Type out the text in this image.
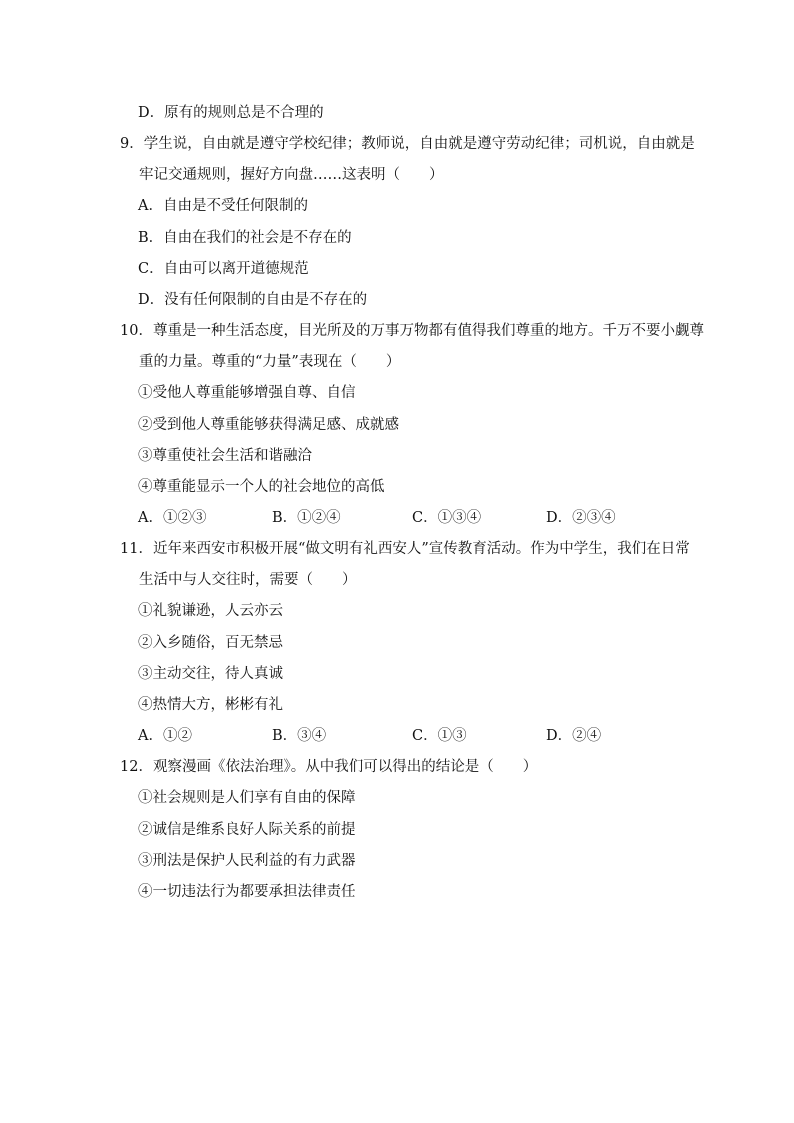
D．原有的规则总是不合理的
9．学生说，自由就是遵守学校纪律；教师说，自由就是遵守劳动纪律；司机说，自由就是
牢记交通规则，握好方向盘……这表明（　　）
A．自由是不受任何限制的
B．自由在我们的社会是不存在的
C．自由可以离开道德规范
D．没有任何限制的自由是不存在的
10．尊重是一种生活态度，目光所及的万事万物都有值得我们尊重的地方。千万不要小觑尊
重的力量。尊重的“力量”表现在（　　）
①受他人尊重能够增强自尊、自信
②受到他人尊重能够获得满足感、成就感
③尊重使社会生活和谐融洽
④尊重能显示一个人的社会地位的高低
A．①②③	B．①②④	C．①③④	D．②③④
11．近年来西安市积极开展“做文明有礼西安人”宣传教育活动。作为中学生，我们在日常
生活中与人交往时，需要（　　）
①礼貌谦逊，人云亦云
②入乡随俗，百无禁忌
③主动交往，待人真诚
④热情大方，彬彬有礼
A．①②	B．③④	C．①③	D．②④
12．观察漫画《依法治理》。从中我们可以得出的结论是（　　）
①社会规则是人们享有自由的保障
②诚信是维系良好人际关系的前提
③刑法是保护人民利益的有力武器
④一切违法行为都要承担法律责任
